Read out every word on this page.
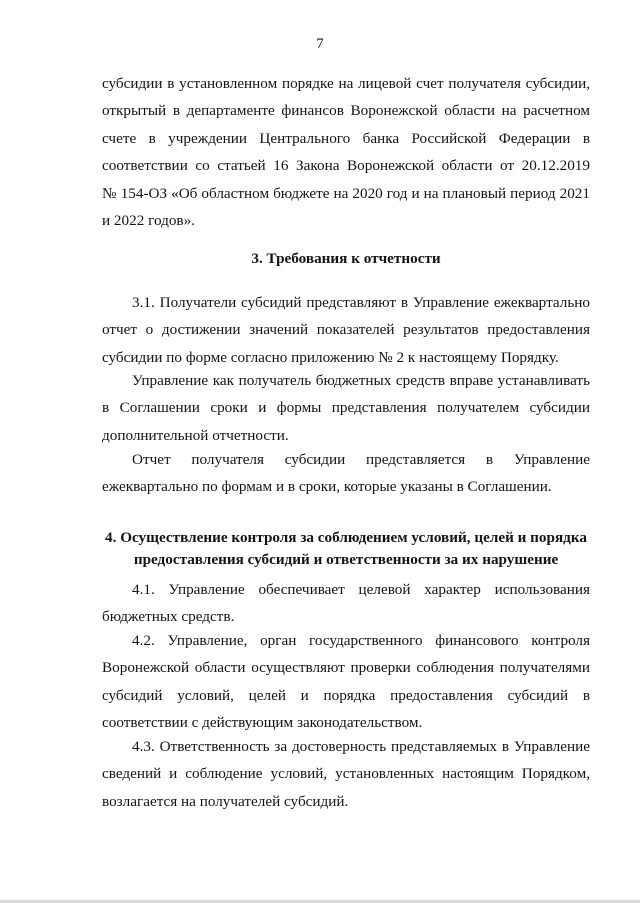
7
субсидии в установленном порядке на лицевой счет получателя субсидии,
открытый в департаменте финансов Воронежской области на расчетном
счете в учреждении Центрального банка Российской Федерации в
соответствии со статьей 16 Закона Воронежской области от 20.12.2019
№ 154-ОЗ «Об областном бюджете на 2020 год и на плановый период 2021
и 2022 годов».
3. Требования к отчетности
3.1. Получатели субсидий представляют в Управление ежеквартально
отчет о достижении значений показателей результатов предоставления
субсидии по форме согласно приложению № 2 к настоящему Порядку.
Управление как получатель бюджетных средств вправе устанавливать
в Соглашении сроки и формы представления получателем субсидии
дополнительной отчетности.
Отчет получателя субсидии представляется в Управление
ежеквартально по формам и в сроки, которые указаны в Соглашении.
4. Осуществление контроля за соблюдением условий, целей и порядка
предоставления субсидий и ответственности за их нарушение
4.1. Управление обеспечивает целевой характер использования
бюджетных средств.
4.2. Управление, орган государственного финансового контроля
Воронежской области осуществляют проверки соблюдения получателями
субсидий условий, целей и порядка предоставления субсидий в
соответствии с действующим законодательством.
4.3. Ответственность за достоверность представляемых в Управление
сведений и соблюдение условий, установленных настоящим Порядком,
возлагается на получателей субсидий.
